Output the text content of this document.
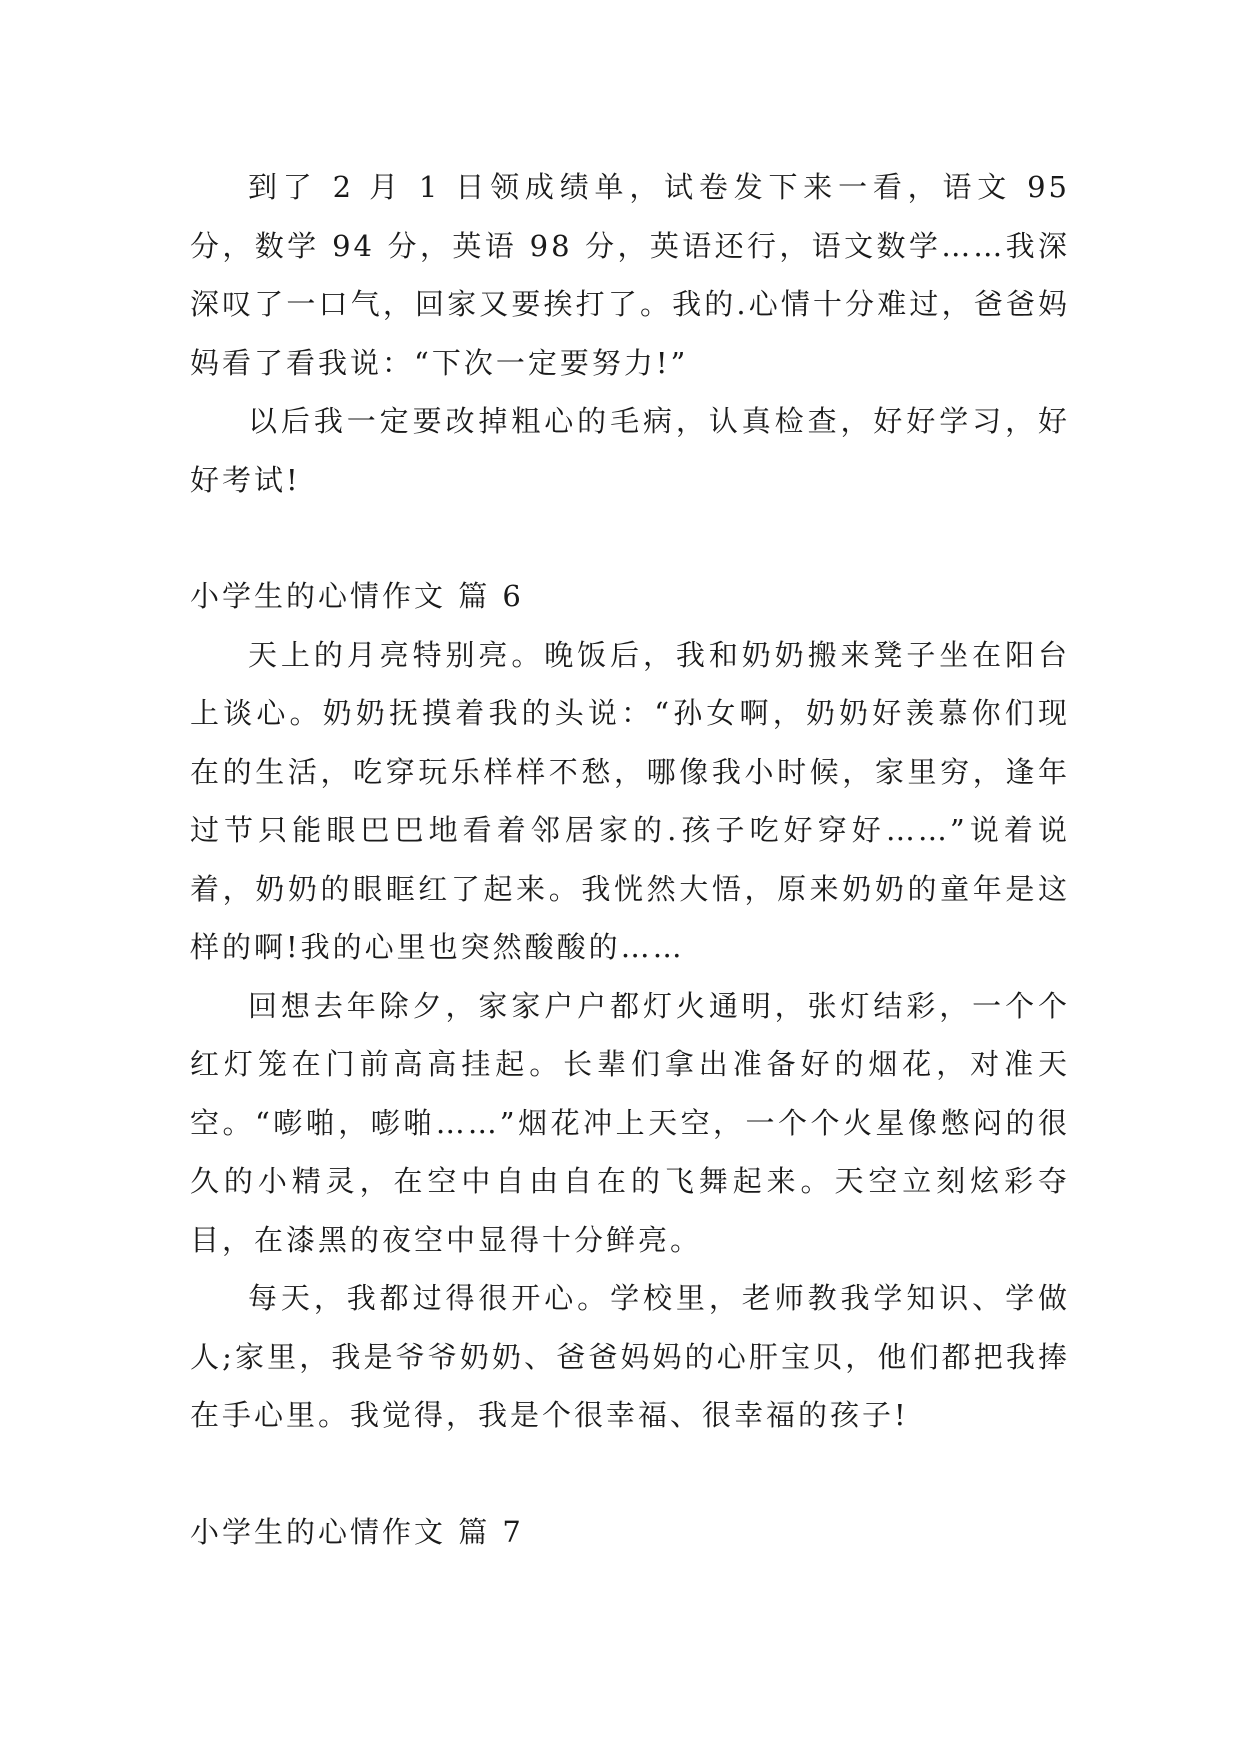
到了 2 月 1 日领成绩单，试卷发下来一看，语文 95 分，数学 94 分，英语 98 分，英语还行，语文数学……我深深叹了一口气，回家又要挨打了。我的.心情十分难过，爸爸妈妈看了看我说：“下次一定要努力!”

以后我一定要改掉粗心的毛病，认真检查，好好学习，好好考试!

小学生的心情作文 篇 6

天上的月亮特别亮。晚饭后，我和奶奶搬来凳子坐在阳台上谈心。奶奶抚摸着我的头说：“孙女啊，奶奶好羡慕你们现在的生活，吃穿玩乐样样不愁，哪像我小时候，家里穷，逢年过节只能眼巴巴地看着邻居家的.孩子吃好穿好……”说着说着，奶奶的眼眶红了起来。我恍然大悟，原来奶奶的童年是这样的啊!我的心里也突然酸酸的……

回想去年除夕，家家户户都灯火通明，张灯结彩，一个个红灯笼在门前高高挂起。长辈们拿出准备好的烟花，对准天空。“嘭啪，嘭啪……”烟花冲上天空，一个个火星像憋闷的很久的小精灵，在空中自由自在的飞舞起来。天空立刻炫彩夺目，在漆黑的夜空中显得十分鲜亮。

每天，我都过得很开心。学校里，老师教我学知识、学做人;家里，我是爷爷奶奶、爸爸妈妈的心肝宝贝，他们都把我捧在手心里。我觉得，我是个很幸福、很幸福的孩子!

小学生的心情作文 篇 7
